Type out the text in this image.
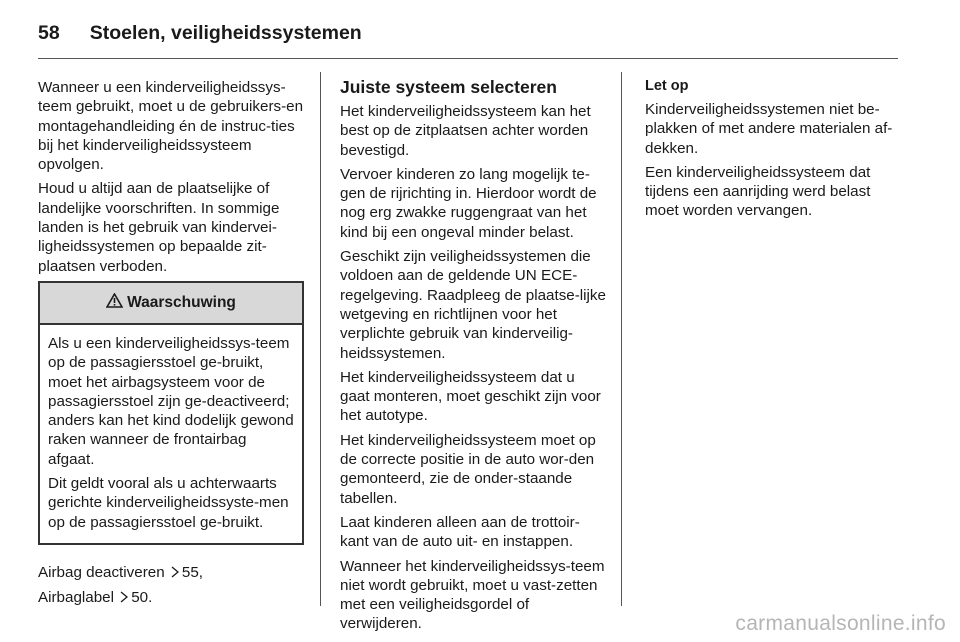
58 Stoelen, veiligheidssystemen

Wanneer u een kinderveiligheidssys-teem gebruikt, moet u de gebruikers-en montagehandleiding én de instruc-ties bij het kinderveiligheidssysteem opvolgen.

Houd u altijd aan de plaatselijke of landelijke voorschriften. In sommige landen is het gebruik van kindervei-ligheidssystemen op bepaalde zit-plaatsen verboden.

Waarschuwing

Als u een kinderveiligheidssys-teem op de passagiersstoel ge-bruikt, moet het airbagsysteem voor de passagiersstoel zijn ge-deactiveerd; anders kan het kind dodelijk gewond raken wanneer de frontairbag afgaat.

Dit geldt vooral als u achterwaarts gerichte kinderveiligheidssyste-men op de passagiersstoel ge-bruikt.

Airbag deactiveren 55,

Airbaglabel 50.

Juiste systeem selecteren

Het kinderveiligheidssysteem kan het best op de zitplaatsen achter worden bevestigd.

Vervoer kinderen zo lang mogelijk te-gen de rijrichting in. Hierdoor wordt de nog erg zwakke ruggengraat van het kind bij een ongeval minder belast.

Geschikt zijn veiligheidssystemen die voldoen aan de geldende UN ECE-regelgeving. Raadpleeg de plaatse-lijke wetgeving en richtlijnen voor het verplichte gebruik van kinderveilig-heidssystemen.

Het kinderveiligheidssysteem dat u gaat monteren, moet geschikt zijn voor het autotype.

Het kinderveiligheidssysteem moet op de correcte positie in de auto wor-den gemonteerd, zie de onder-staande tabellen.

Laat kinderen alleen aan de trottoir-kant van de auto uit- en instappen.

Wanneer het kinderveiligheidssys-teem niet wordt gebruikt, moet u vast-zetten met een veiligheidsgordel of verwijderen.

Let op

Kinderveiligheidssystemen niet be-plakken of met andere materialen af-dekken.

Een kinderveiligheidssysteem dat tijdens een aanrijding werd belast moet worden vervangen.

carmanualsonline.info
